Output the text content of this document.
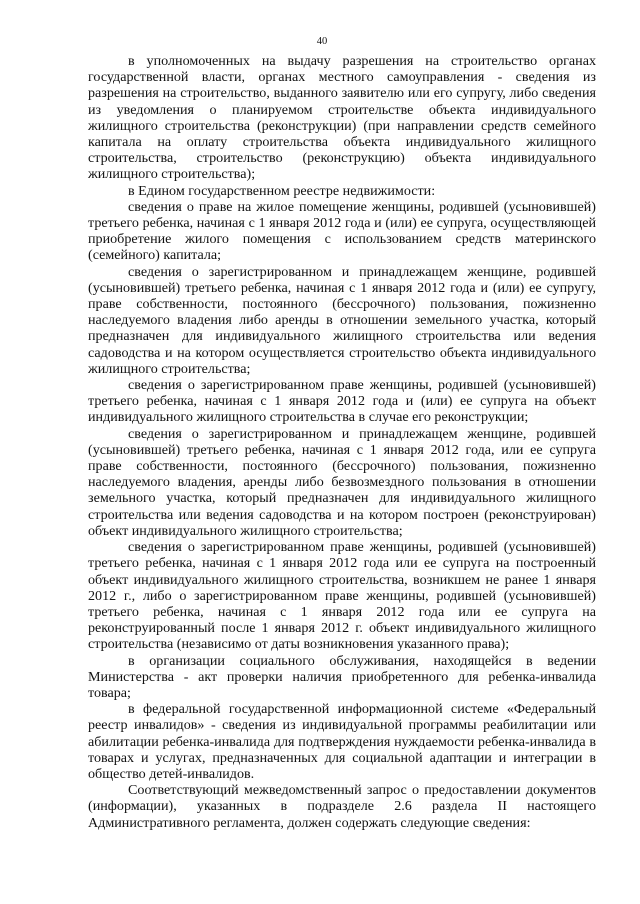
40

в уполномоченных на выдачу разрешения на строительство органах государственной власти, органах местного самоуправления - сведения из разрешения на строительство, выданного заявителю или его супругу, либо сведения из уведомления о планируемом строительстве объекта индивидуального жилищного строительства (реконструкции) (при направлении средств семейного капитала на оплату строительства объекта индивидуального жилищного строительства, строительство (реконструкцию) объекта индивидуального жилищного строительства);

в Едином государственном реестре недвижимости:

сведения о праве на жилое помещение женщины, родившей (усыновившей) третьего ребенка, начиная с 1 января 2012 года и (или) ее супруга, осуществляющей приобретение жилого помещения с использованием средств материнского (семейного) капитала;

сведения о зарегистрированном и принадлежащем женщине, родившей (усыновившей) третьего ребенка, начиная с 1 января 2012 года и (или) ее супругу, праве собственности, постоянного (бессрочного) пользования, пожизненно наследуемого владения либо аренды в отношении земельного участка, который предназначен для индивидуального жилищного строительства или ведения садоводства и на котором осуществляется строительство объекта индивидуального жилищного строительства;

сведения о зарегистрированном праве женщины, родившей (усыновившей) третьего ребенка, начиная с 1 января 2012 года и (или) ее супруга на объект индивидуального жилищного строительства в случае его реконструкции;

сведения о зарегистрированном и принадлежащем женщине, родившей (усыновившей) третьего ребенка, начиная с 1 января 2012 года, или ее супруга праве собственности, постоянного (бессрочного) пользования, пожизненно наследуемого владения, аренды либо безвозмездного пользования в отношении земельного участка, который предназначен для индивидуального жилищного строительства или ведения садоводства и на котором построен (реконструирован) объект индивидуального жилищного строительства;

сведения о зарегистрированном праве женщины, родившей (усыновившей) третьего ребенка, начиная с 1 января 2012 года или ее супруга на построенный объект индивидуального жилищного строительства, возникшем не ранее 1 января 2012 г., либо о зарегистрированном праве женщины, родившей (усыновившей) третьего ребенка, начиная с 1 января 2012 года или ее супруга на реконструированный после 1 января 2012 г. объект индивидуального жилищного строительства (независимо от даты возникновения указанного права);

в организации социального обслуживания, находящейся в ведении Министерства - акт проверки наличия приобретенного для ребенка-инвалида товара;

в федеральной государственной информационной системе «Федеральный реестр инвалидов» - сведения из индивидуальной программы реабилитации или абилитации ребенка-инвалида для подтверждения нуждаемости ребенка-инвалида в товарах и услугах, предназначенных для социальной адаптации и интеграции в общество детей-инвалидов.

Соответствующий межведомственный запрос о предоставлении документов (информации), указанных в подразделе 2.6 раздела II настоящего Административного регламента, должен содержать следующие сведения:
